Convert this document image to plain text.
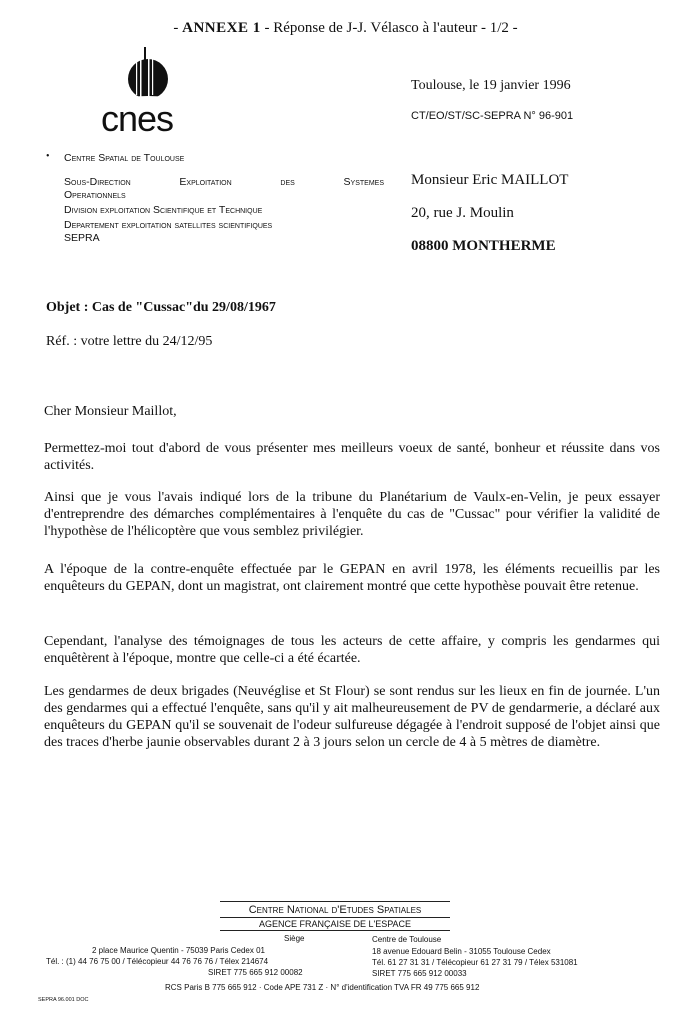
- ANNEXE 1 - Réponse de J-J. Vélasco à l'auteur - 1/2 -
cnes
Toulouse, le 19 janvier 1996
CT/EO/ST/SC-SEPRA N° 96-901
• Centre Spatial de Toulouse
Sous-Direction	Exploitation	des	Systemes
Operationnels
Division exploitation Scientifique et Technique
Departement exploitation satellites scientifiques
SEPRA
Monsieur Eric MAILLOT
20, rue J. Moulin
08800 MONTHERME
Objet : Cas de "Cussac"du 29/08/1967
Réf. : votre lettre du 24/12/95
Cher Monsieur Maillot,
Permettez-moi tout d'abord de vous présenter mes meilleurs voeux de santé, bonheur et réussite dans vos activités.
Ainsi que je vous l'avais indiqué lors de la tribune du Planétarium de Vaulx-en-Velin, je peux essayer d'entreprendre des démarches complémentaires à l'enquête du cas de "Cussac" pour vérifier la validité de l'hypothèse de l'hélicoptère que vous semblez privilégier.
A l'époque de la contre-enquête effectuée par le GEPAN en avril 1978, les éléments recueillis par les enquêteurs du GEPAN, dont un magistrat, ont clairement montré que cette hypothèse pouvait être retenue.
Cependant, l'analyse des témoignages de tous les acteurs de cette affaire, y compris les gendarmes qui enquêtèrent à l'époque, montre que celle-ci a été écartée.
Les gendarmes de deux brigades (Neuvéglise et St Flour) se sont rendus sur les lieux en fin de journée. L'un des gendarmes qui a effectué l'enquête, sans qu'il y ait malheureusement de PV de gendarmerie, a déclaré aux enquêteurs du GEPAN qu'il se souvenait de l'odeur sulfureuse dégagée à l'endroit supposé de l'objet ainsi que des traces d'herbe jaunie observables durant 2 à 3 jours selon un cercle de 4 à 5 mètres de diamètre.
Centre National d'Etudes Spatiales
AGENCE FRANÇAISE DE L'ESPACE
Siège
2 place Maurice Quentin - 75039 Paris Cedex 01
Tél. : (1) 44 76 75 00 / Télécopieur 44 76 76 76 / Télex 214674
SIRET 775 665 912 00082
Centre de Toulouse
18 avenue Edouard Belin - 31055 Toulouse Cedex
Tél. 61 27 31 31 / Télécopieur 61 27 31 79 / Télex 531081
SIRET 775 665 912 00033
RCS Paris B 775 665 912 · Code APE 731 Z · N° d'identification TVA FR 49 775 665 912
SEPRA 96.001 DOC
